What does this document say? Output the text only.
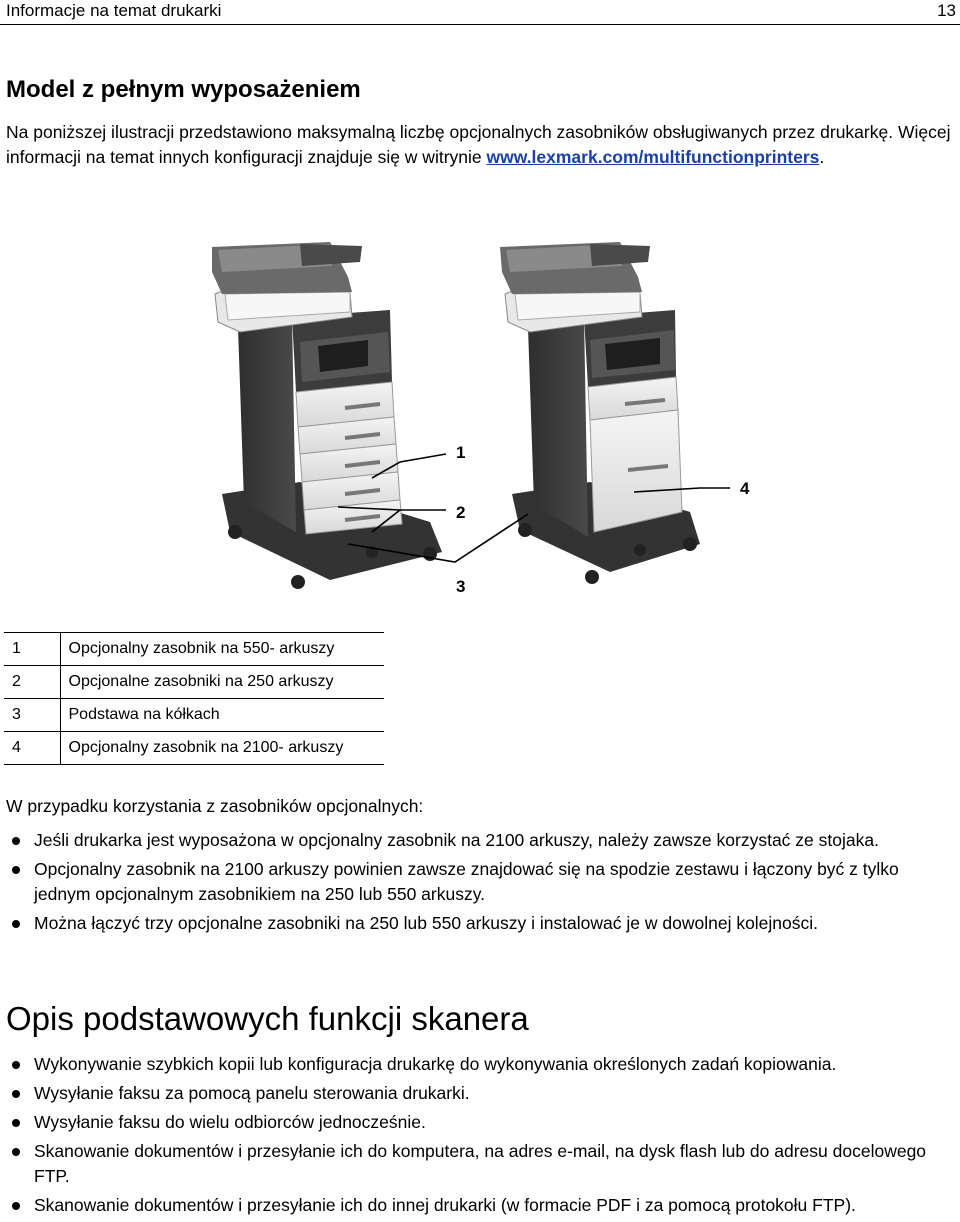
Informacje na temat drukarki	13
Model z pełnym wyposażeniem

Na poniższej ilustracji przedstawiono maksymalną liczbę opcjonalnych zasobników obsługiwanych przez drukarkę. Więcej informacji na temat innych konfiguracji znajduje się w witrynie www.lexmark.com/multifunctionprinters.

1
2
3
4
1	Opcjonalny zasobnik na 550- arkuszy
2	Opcjonalne zasobniki na 250 arkuszy
3	Podstawa na kółkach
4	Opcjonalny zasobnik na 2100- arkuszy

W przypadku korzystania z zasobników opcjonalnych:

Jeśli drukarka jest wyposażona w opcjonalny zasobnik na 2100 arkuszy, należy zawsze korzystać ze stojaka.
Opcjonalny zasobnik na 2100 arkuszy powinien zawsze znajdować się na spodzie zestawu i łączony być z tylko jednym opcjonalnym zasobnikiem na 250 lub 550 arkuszy.
Można łączyć trzy opcjonalne zasobniki na 250 lub 550 arkuszy i instalować je w dowolnej kolejności.
Opis podstawowych funkcji skanera
Wykonywanie szybkich kopii lub konfiguracja drukarkę do wykonywania określonych zadań kopiowania.
Wysyłanie faksu za pomocą panelu sterowania drukarki.
Wysyłanie faksu do wielu odbiorców jednocześnie.
Skanowanie dokumentów i przesyłanie ich do komputera, na adres e-mail, na dysk flash lub do adresu docelowego FTP.
Skanowanie dokumentów i przesyłanie ich do innej drukarki (w formacie PDF i za pomocą protokołu FTP).
